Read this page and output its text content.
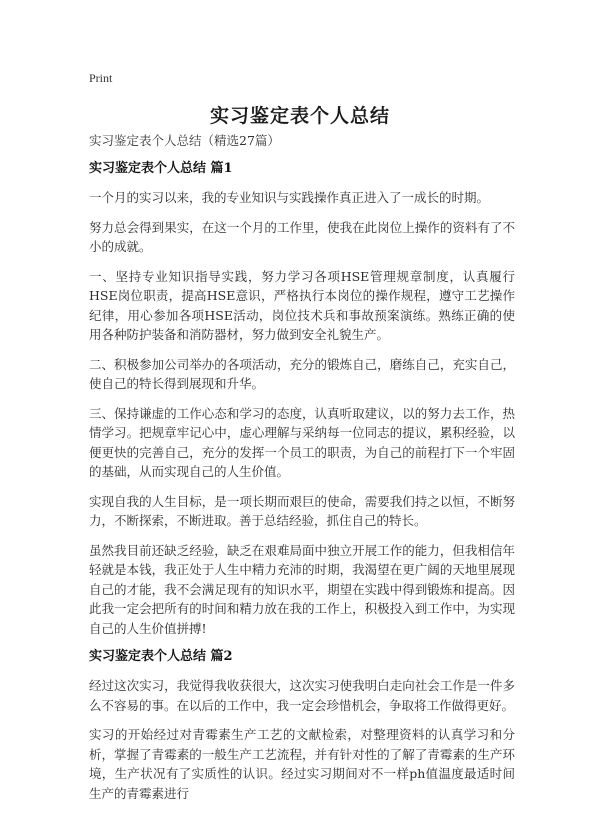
Print
实习鉴定表个人总结

实习鉴定表个人总结（精选27篇）

实习鉴定表个人总结 篇1

一个月的实习以来，我的专业知识与实践操作真正进入了一成长的时期。

努力总会得到果实，在这一个月的工作里，使我在此岗位上操作的资料有了不小的成就。

一、坚持专业知识指导实践，努力学习各项HSE管理规章制度，认真履行HSE岗位职责，提高HSE意识，严格执行本岗位的操作规程，遵守工艺操作纪律，用心参加各项HSE活动，岗位技术兵和事故预案演练。熟练正确的使用各种防护装备和消防器材，努力做到安全礼貌生产。

二、积极参加公司举办的各项活动，充分的锻炼自己，磨练自己，充实自己，使自己的特长得到展现和升华。

三、保持谦虚的工作心态和学习的态度，认真听取建议，以的努力去工作，热情学习。把规章牢记心中，虚心理解与采纳每一位同志的提议，累积经验，以便更快的完善自己，充分的发挥一个员工的职责，为自己的前程打下一个牢固的基础，从而实现自己的人生价值。

实现自我的人生目标，是一项长期而艰巨的使命，需要我们持之以恒，不断努力，不断探索，不断进取。善于总结经验，抓住自己的特长。

虽然我目前还缺乏经验，缺乏在艰难局面中独立开展工作的能力，但我相信年轻就是本钱，我正处于人生中精力充沛的时期，我渴望在更广阔的天地里展现自己的才能，我不会满足现有的知识水平，期望在实践中得到锻炼和提高。因此我一定会把所有的时间和精力放在我的工作上，积极投入到工作中，为实现自己的人生价值拼搏!

实习鉴定表个人总结 篇2

经过这次实习，我觉得我收获很大，这次实习使我明白走向社会工作是一件多么不容易的事。在以后的工作中，我一定会珍惜机会，争取将工作做得更好。

实习的开始经过对青霉素生产工艺的文献检索，对整理资料的认真学习和分析，掌握了青霉素的一般生产工艺流程，并有针对性的了解了青霉素的生产环境，生产状况有了实质性的认识。经过实习期间对不一样ph值温度最适时间生产的青霉素进行
